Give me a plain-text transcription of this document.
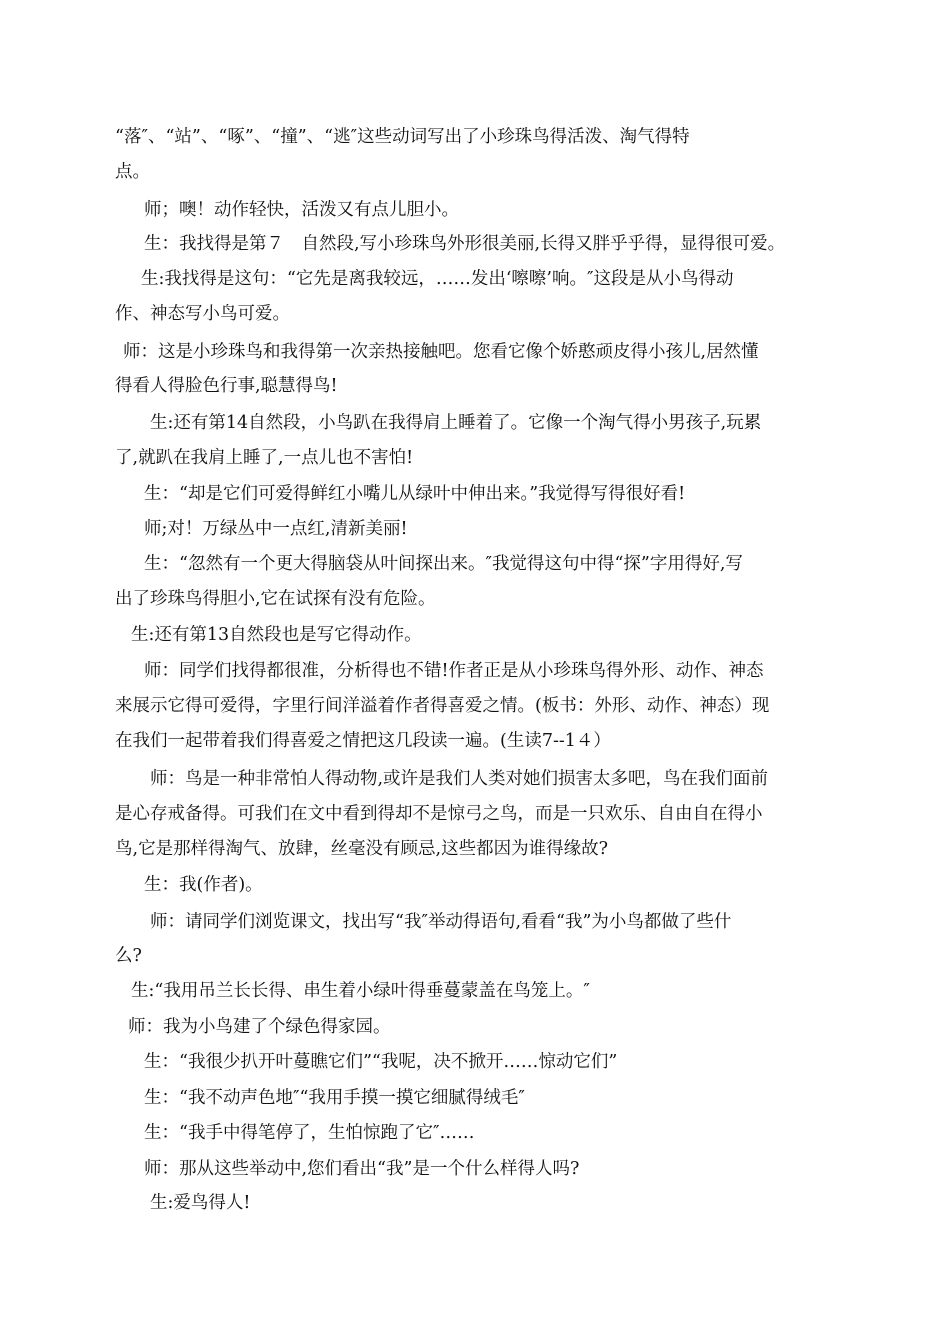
“落″、“站”、“啄”、“撞”、“逃″这些动词写出了小珍珠鸟得活泼、淘气得特
点。
师；噢！动作轻快，活泼又有点儿胆小。
生：我找得是第７　自然段,写小珍珠鸟外形很美丽,长得又胖乎乎得，显得很可爱。
生:我找得是这句：“它先是离我较远，……发出‘嚓嚓’响。″这段是从小鸟得动
作、神态写小鸟可爱。
师：这是小珍珠鸟和我得第一次亲热接触吧。您看它像个娇憨顽皮得小孩儿,居然懂
得看人得脸色行事,聪慧得鸟!
生:还有第14自然段，小鸟趴在我得肩上睡着了。它像一个淘气得小男孩子,玩累
了,就趴在我肩上睡了,一点儿也不害怕!
生：“却是它们可爱得鲜红小嘴儿从绿叶中伸出来。”我觉得写得很好看!
师;对！万绿丛中一点红,清新美丽!
生：“忽然有一个更大得脑袋从叶间探出来。″我觉得这句中得“探”字用得好,写
出了珍珠鸟得胆小,它在试探有没有危险。
生:还有第13自然段也是写它得动作。
师：同学们找得都很准，分析得也不错!作者正是从小珍珠鸟得外形、动作、神态
来展示它得可爱得，字里行间洋溢着作者得喜爱之情。(板书：外形、动作、神态）现
在我们一起带着我们得喜爱之情把这几段读一遍。(生读7--1４）
师：鸟是一种非常怕人得动物,或许是我们人类对她们损害太多吧，鸟在我们面前
是心存戒备得。可我们在文中看到得却不是惊弓之鸟，而是一只欢乐、自由自在得小
鸟,它是那样得淘气、放肆，丝毫没有顾忌,这些都因为谁得缘故?
生：我(作者)。
师：请同学们浏览课文，找出写“我″举动得语句,看看“我”为小鸟都做了些什
么?
生:“我用吊兰长长得、串生着小绿叶得垂蔓蒙盖在鸟笼上。″
师：我为小鸟建了个绿色得家园。
生：“我很少扒开叶蔓瞧它们”“我呢，决不掀开……惊动它们”
生：“我不动声色地″“我用手摸一摸它细腻得绒毛″
生：“我手中得笔停了，生怕惊跑了它″……
师：那从这些举动中,您们看出“我”是一个什么样得人吗?
生:爱鸟得人!
